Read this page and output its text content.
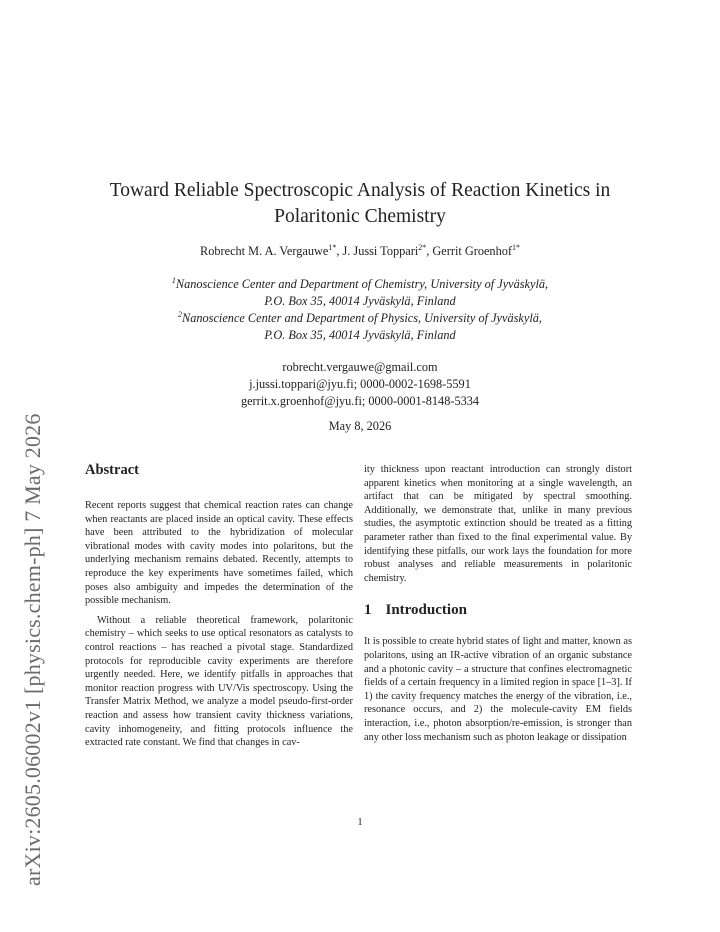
arXiv:2605.06002v1 [physics.chem-ph] 7 May 2026
Toward Reliable Spectroscopic Analysis of Reaction Kinetics in
Polaritonic Chemistry
Robrecht M. A. Vergauwe$^{1*}$, J. Jussi Toppari$^{2*}$, Gerrit Groenhof$^{1*}$
$^1$Nanoscience Center and Department of Chemistry, University of Jyväskylä,
P.O. Box 35, 40014 Jyväskylä, Finland
$^2$Nanoscience Center and Department of Physics, University of Jyväskylä,
P.O. Box 35, 40014 Jyväskylä, Finland
robrecht.vergauwe@gmail.com
j.jussi.toppari@jyu.fi; 0000-0002-1698-5591
gerrit.x.groenhof@jyu.fi; 0000-0001-8148-5334
May 8, 2026
Abstract

Recent reports suggest that chemical reaction rates can change when reactants are placed inside an optical cavity. These effects have been attributed to the hybridization of molecular vibrational modes with cavity modes into polaritons, but the underlying mechanism remains debated. Recently, attempts to reproduce the key experiments have sometimes failed, which poses also ambiguity and impedes the determination of the possible mechanism.

Without a reliable theoretical framework, polaritonic chemistry – which seeks to use optical resonators as catalysts to control reactions – has reached a pivotal stage. Standardized protocols for reproducible cavity experiments are therefore urgently needed. Here, we identify pitfalls in approaches that monitor reaction progress with UV/Vis spectroscopy. Using the Transfer Matrix Method, we analyze a model pseudo-first-order reaction and assess how transient cavity thickness variations, cavity inhomogeneity, and fitting protocols influence the extracted rate constant. We find that changes in cav-

ity thickness upon reactant introduction can strongly distort apparent kinetics when monitoring at a single wavelength, an artifact that can be mitigated by spectral smoothing. Additionally, we demonstrate that, unlike in many previous studies, the asymptotic extinction should be treated as a fitting parameter rather than fixed to the final experimental value. By identifying these pitfalls, our work lays the foundation for more robust analyses and reliable measurements in polaritonic chemistry.

1 Introduction

It is possible to create hybrid states of light and matter, known as polaritons, using an IR-active vibration of an organic substance and a photonic cavity – a structure that confines electromagnetic fields of a certain frequency in a limited region in space [1–3]. If 1) the cavity frequency matches the energy of the vibration, i.e., resonance occurs, and 2) the molecule-cavity EM fields interaction, i.e., photon absorption/re-emission, is stronger than any other loss mechanism such as photon leakage or dissipation

1
